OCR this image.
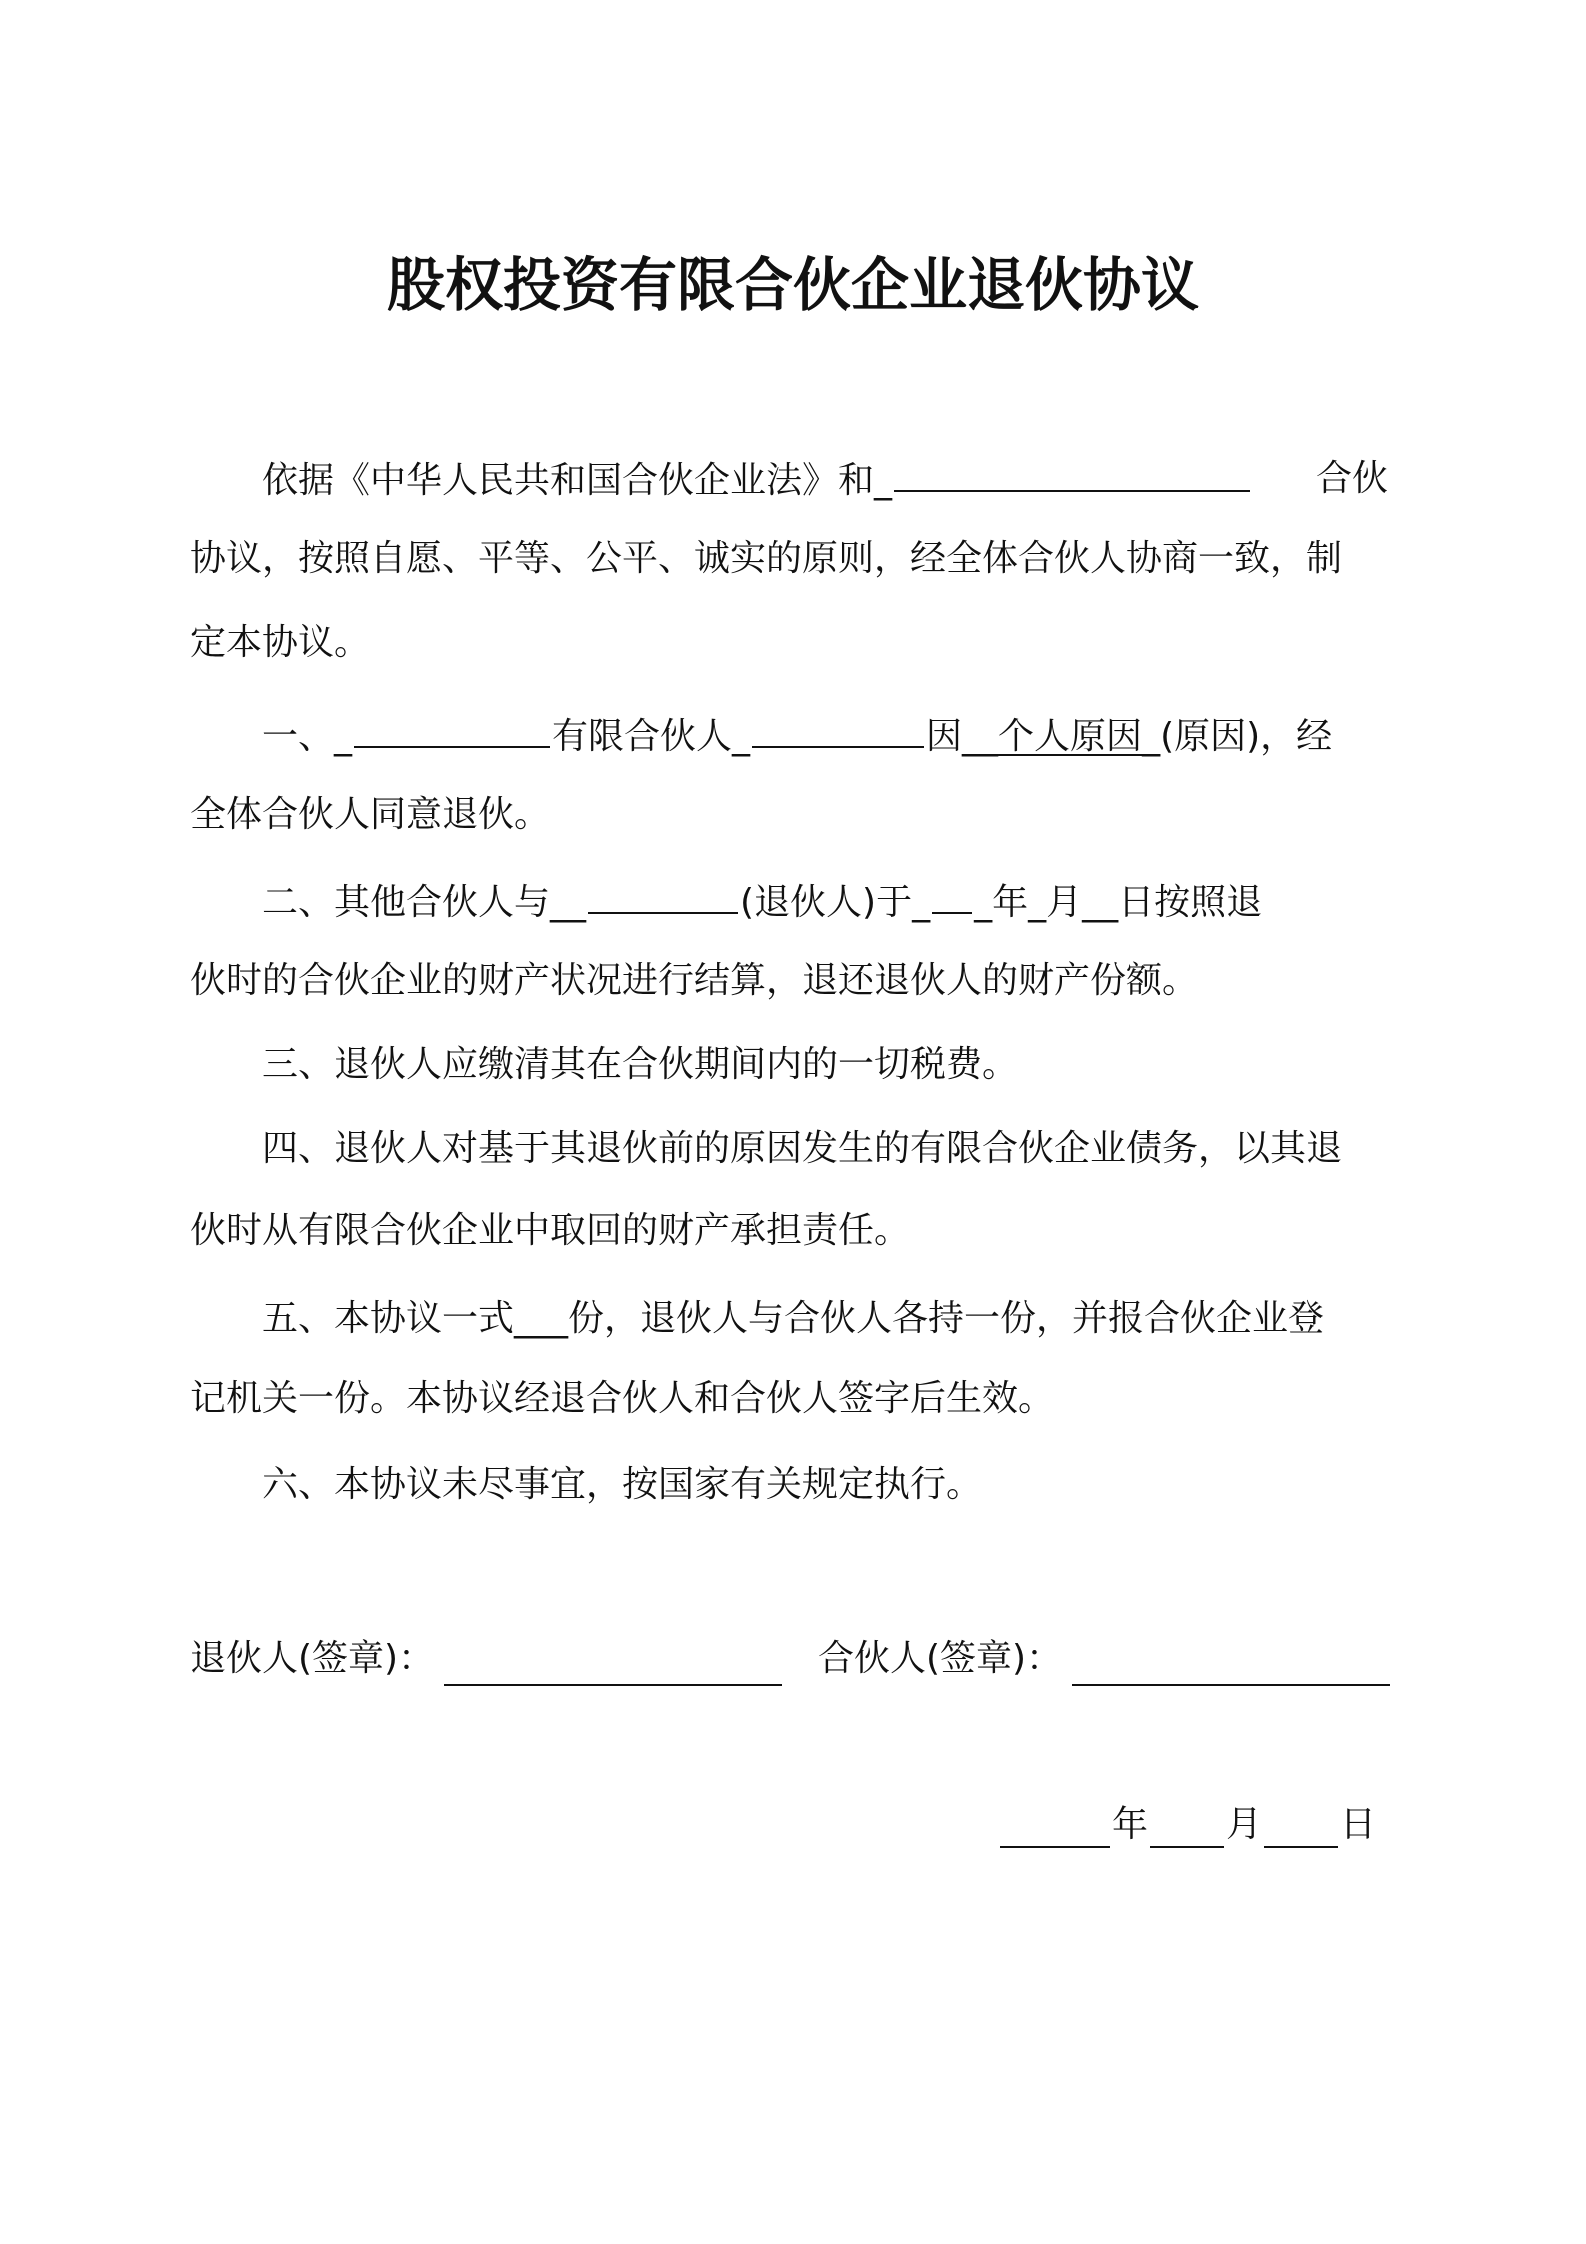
股权投资有限合伙企业退伙协议
依据《中华人民共和国合伙企业法》和_	合伙
协议，按照自愿、平等、公平、诚实的原则，经全体合伙人协商一致，制
定本协议。
一、_	有限合伙人_	因__个人原因_(原因)，经
全体合伙人同意退伙。
二、其他合伙人与__	(退伙人)于_ _年_月__日按照退
伙时的合伙企业的财产状况进行结算，退还退伙人的财产份额。
三、退伙人应缴清其在合伙期间内的一切税费。
四、退伙人对基于其退伙前的原因发生的有限合伙企业债务，以其退
伙时从有限合伙企业中取回的财产承担责任。
五、本协议一式___份，退伙人与合伙人各持一份，并报合伙企业登
记机关一份。本协议经退合伙人和合伙人签字后生效。
六、本协议未尽事宜，按国家有关规定执行。
退伙人(签章)：	合伙人(签章)：
年 月 日
